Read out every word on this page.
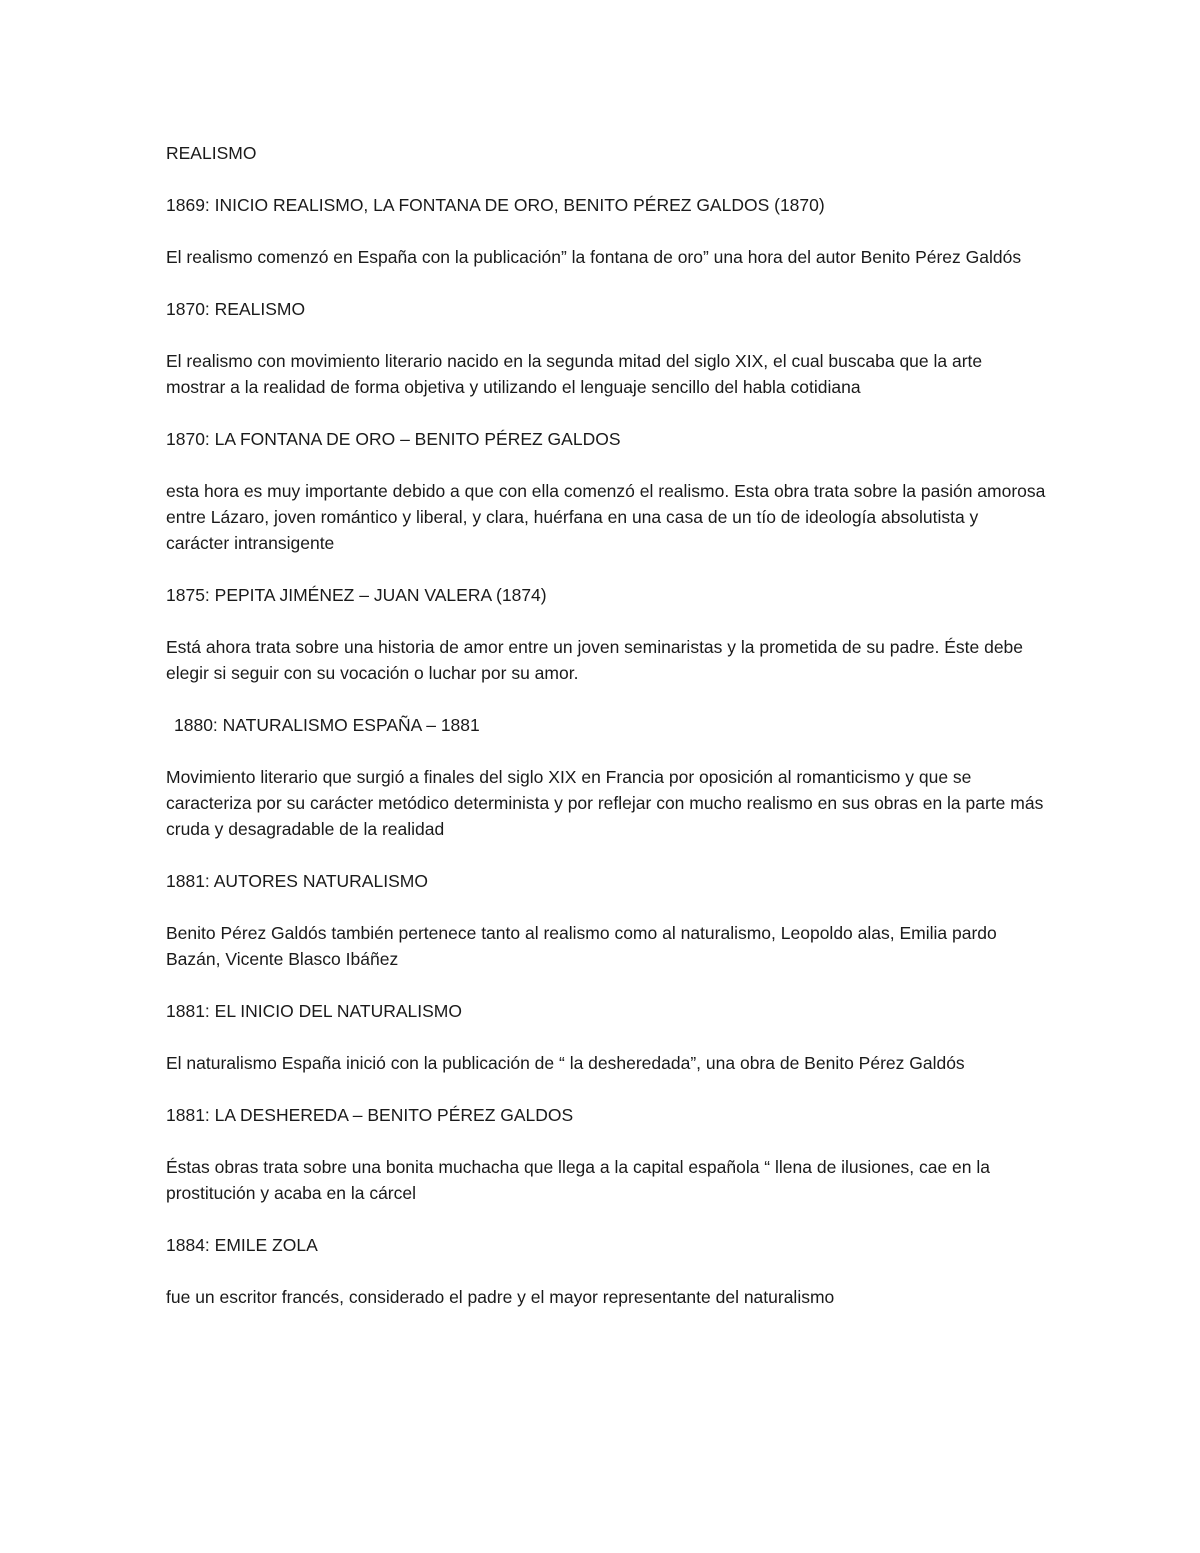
REALISMO
1869: INICIO REALISMO, LA FONTANA DE ORO, BENITO PÉREZ GALDOS (1870)
El realismo comenzó en España con la publicación” la fontana de oro” una hora del autor Benito Pérez Galdós
1870: REALISMO
El realismo con movimiento literario nacido en la segunda mitad del siglo XIX, el cual buscaba que la arte mostrar a la realidad de forma objetiva y utilizando el lenguaje sencillo del habla cotidiana
1870: LA FONTANA DE ORO – BENITO PÉREZ GALDOS
esta hora es muy importante debido a que con ella comenzó el realismo. Esta obra trata sobre la pasión amorosa entre Lázaro, joven romántico y liberal, y clara, huérfana en una casa de un tío de ideología absolutista y carácter intransigente
1875: PEPITA JIMÉNEZ – JUAN VALERA (1874)
Está ahora trata sobre una historia de amor entre un joven seminaristas y la prometida de su padre. Éste debe elegir si seguir con su vocación o luchar por su amor.
1880: NATURALISMO ESPAÑA – 1881
Movimiento literario que surgió a finales del siglo XIX en Francia por oposición al romanticismo y que se caracteriza por su carácter metódico determinista y por reflejar con mucho realismo en sus obras en la parte más cruda y desagradable de la realidad
1881: AUTORES NATURALISMO
Benito Pérez Galdós también pertenece tanto al realismo como al naturalismo, Leopoldo alas, Emilia pardo Bazán, Vicente Blasco Ibáñez
1881: EL INICIO DEL NATURALISMO
El naturalismo España inició con la publicación de “ la desheredada”, una obra de Benito Pérez Galdós
1881: LA DESHEREDA – BENITO PÉREZ GALDOS
Éstas obras trata sobre una bonita muchacha que llega a la capital española “ llena de ilusiones, cae en la prostitución y acaba en la cárcel
1884: EMILE ZOLA
fue un escritor francés, considerado el padre y el mayor representante del naturalismo
